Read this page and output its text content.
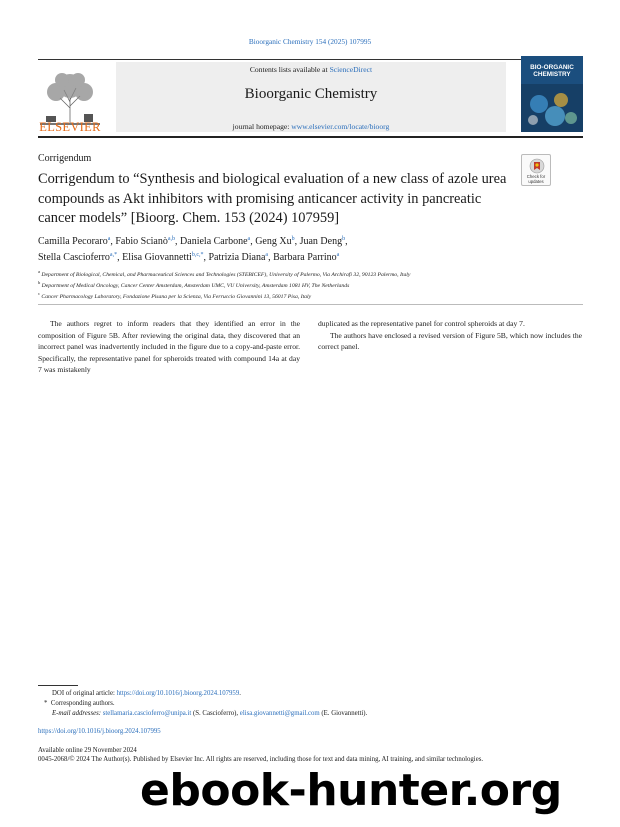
Bioorganic Chemistry 154 (2025) 107995
ELSEVIER
Contents lists available at ScienceDirect
Bioorganic Chemistry
journal homepage: www.elsevier.com/locate/bioorg
BIO-ORGANIC CHEMISTRY
Corrigendum
Check for updates
Corrigendum to “Synthesis and biological evaluation of a new class of azole urea compounds as Akt inhibitors with promising anticancer activity in pancreatic cancer models” [Bioorg. Chem. 153 (2024) 107959]
Camilla Pecoraro$^a$, Fabio Scianò$^{a,b}$, Daniela Carbone$^a$, Geng Xu$^b$, Juan Deng$^b$,
Stella Cascioferro$^{a,*}$, Elisa Giovannetti$^{b,c,*}$, Patrizia Diana$^a$, Barbara Parrino$^a$
$^a$ Department of Biological, Chemical, and Pharmaceutical Sciences and Technologies (STEBICEF), University of Palermo, Via Archirafi 32, 90123 Palermo, Italy
$^b$ Department of Medical Oncology, Cancer Center Amsterdam, Amsterdam UMC, VU University, Amsterdam 1081 HV, The Netherlands
$^c$ Cancer Pharmacology Laboratory, Fondazione Pisana per la Scienza, Via Ferruccio Giovannini 13, 56017 Pisa, Italy

The authors regret to inform readers that they identified an error in the composition of Figure 5B. After reviewing the original data, they discovered that an incorrect panel was inadvertently included in the figure due to a copy-and-paste error. Specifically, the representative panel for spheroids treated with compound 14a at day 7 was mistakenly

duplicated as the representative panel for control spheroids at day 7.

The authors have enclosed a revised version of Figure 5B, which now includes the correct panel.

DOI of original article: https://doi.org/10.1016/j.bioorg.2024.107959.
* Corresponding authors.
E-mail addresses: stellamaria.cascioferro@unipa.it (S. Cascioferro), elisa.giovannetti@gmail.com (E. Giovannetti).
https://doi.org/10.1016/j.bioorg.2024.107995
Available online 29 November 2024
0045-2068/© 2024 The Author(s). Published by Elsevier Inc. All rights are reserved, including those for text and data mining, AI training, and similar technologies.
ebook-hunter.org
